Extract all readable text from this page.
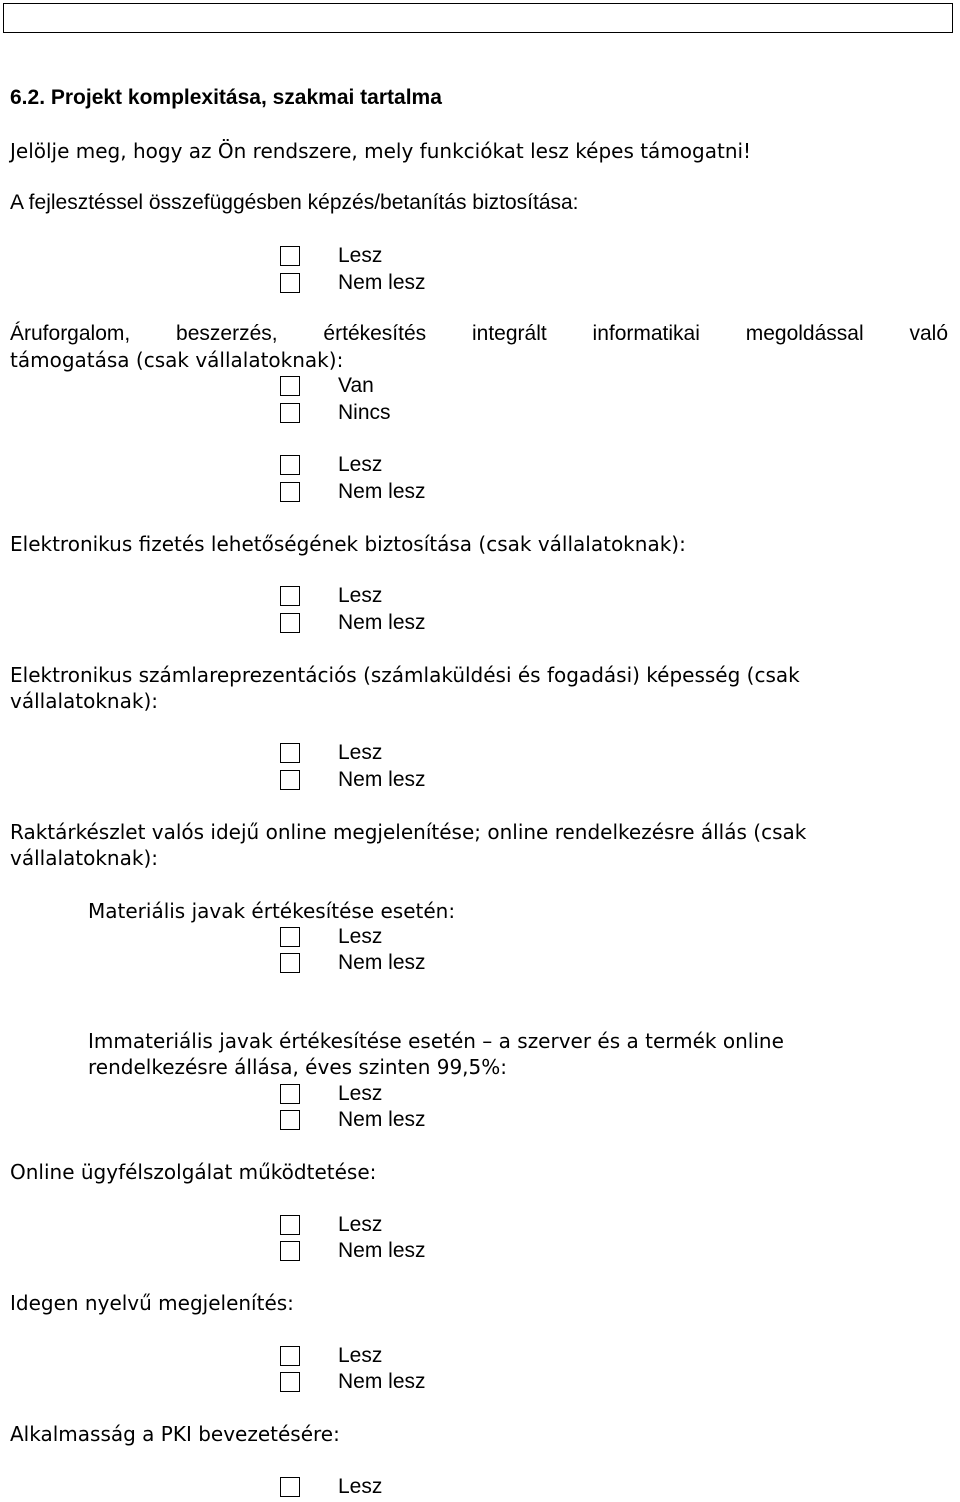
6.2. Projekt komplexitása, szakmai tartalma
Jelölje meg, hogy az Ön rendszere, mely funkciókat lesz képes támogatni!
A fejlesztéssel összefüggésben képzés/betanítás biztosítása:
Lesz
Nem lesz
Áruforgalom, beszerzés, értékesítés integrált informatikai megoldással való
támogatása (csak vállalatoknak):
Van
Nincs
Lesz
Nem lesz
Elektronikus fizetés lehetőségének biztosítása (csak vállalatoknak):
Lesz
Nem lesz
Elektronikus számlareprezentációs (számlaküldési és fogadási) képesség (csak
vállalatoknak):
Lesz
Nem lesz
Raktárkészlet valós idejű online megjelenítése; online rendelkezésre állás (csak
vállalatoknak):
Materiális javak értékesítése esetén:
Lesz
Nem lesz
Immateriális javak értékesítése esetén – a szerver és a termék online
rendelkezésre állása, éves szinten 99,5%:
Lesz
Nem lesz
Online ügyfélszolgálat működtetése:
Lesz
Nem lesz
Idegen nyelvű megjelenítés:
Lesz
Nem lesz
Alkalmasság a PKI bevezetésére:
Lesz
